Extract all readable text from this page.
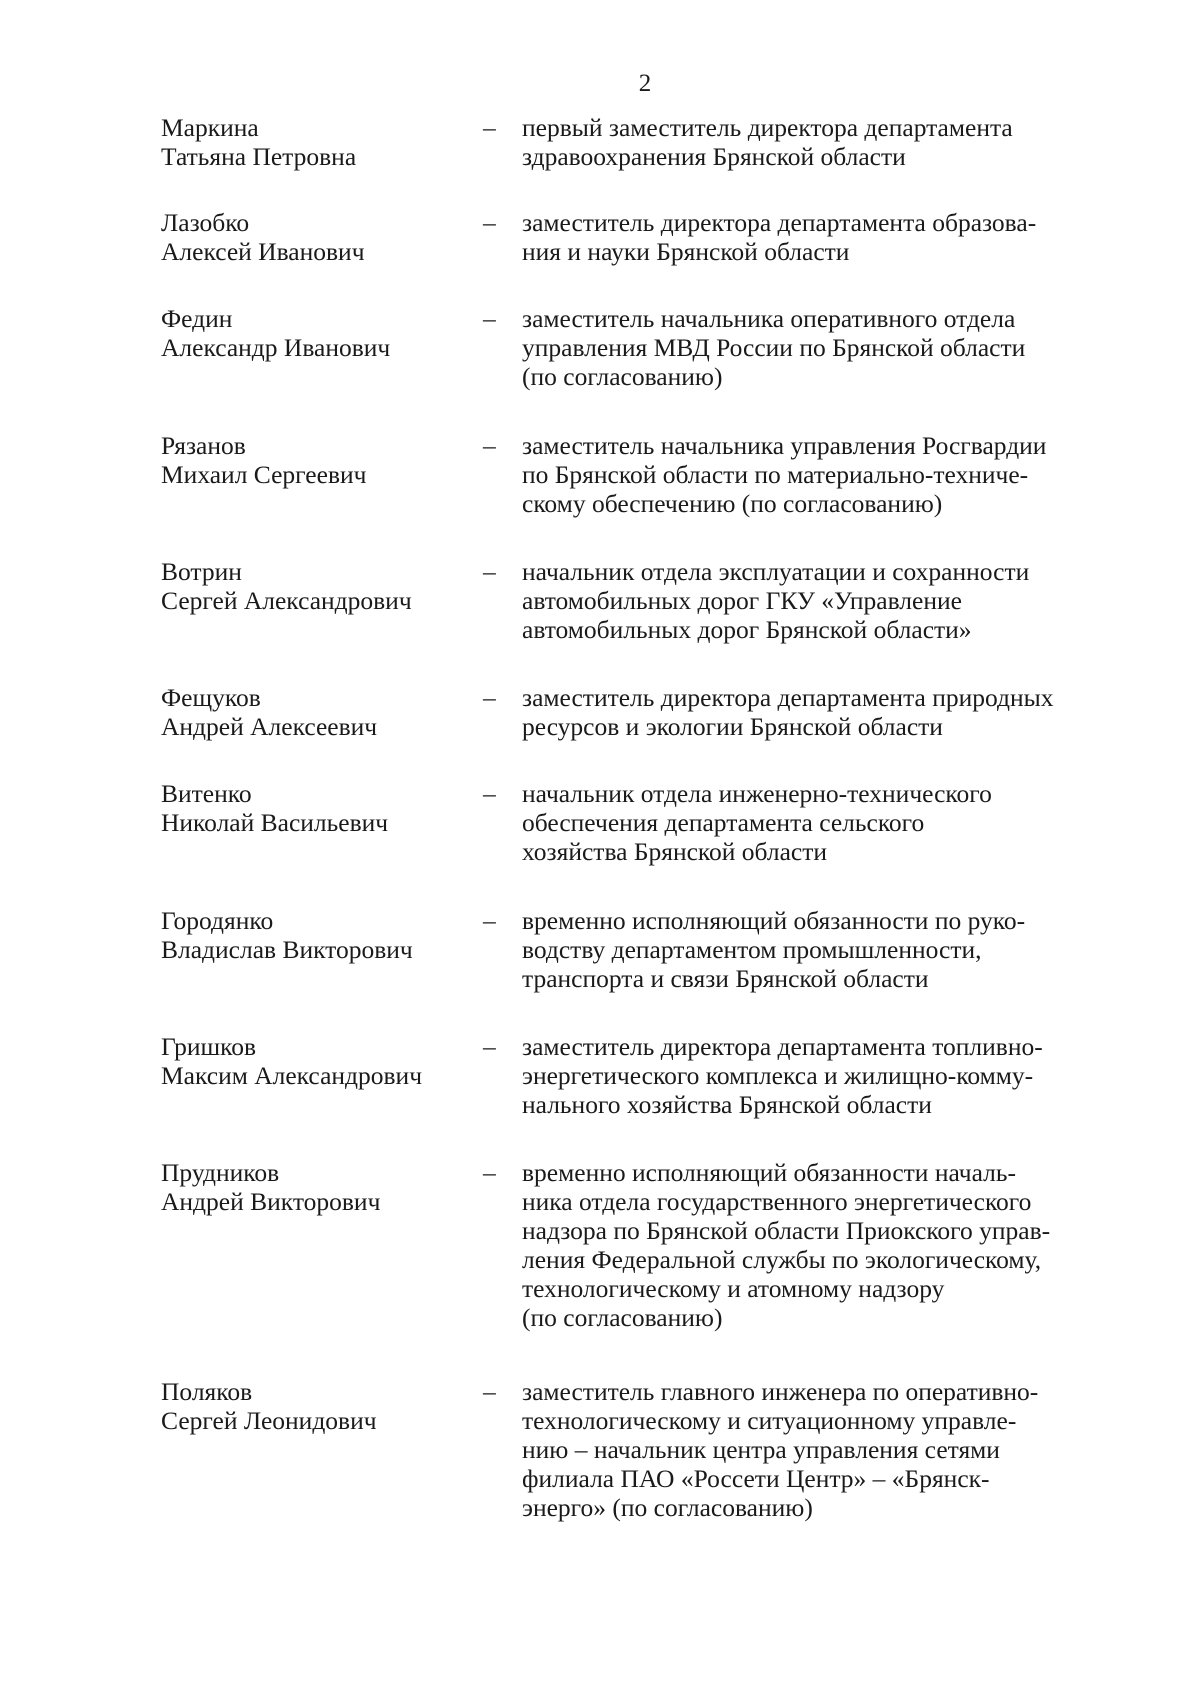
2
Маркина
Татьяна Петровна
– первый заместитель директора департамента
здравоохранения Брянской области
Лазобко
Алексей Иванович
– заместитель директора департамента образова-
ния и науки Брянской области
Федин
Александр Иванович
– заместитель начальника оперативного отдела
управления МВД России по Брянской области
(по согласованию)
Рязанов
Михаил Сергеевич
– заместитель начальника управления Росгвардии
по Брянской области по материально-техниче-
скому обеспечению (по согласованию)
Вотрин
Сергей Александрович
– начальник отдела эксплуатации и сохранности
автомобильных дорог ГКУ «Управление
автомобильных дорог Брянской области»
Фещуков
Андрей Алексеевич
– заместитель директора департамента природных
ресурсов и экологии Брянской области
Витенко
Николай Васильевич
– начальник отдела инженерно-технического
обеспечения департамента сельского
хозяйства Брянской области
Городянко
Владислав Викторович
– временно исполняющий обязанности по руко-
водству департаментом промышленности,
транспорта и связи Брянской области
Гришков
Максим Александрович
– заместитель директора департамента топливно-
энергетического комплекса и жилищно-комму-
нального хозяйства Брянской области
Прудников
Андрей Викторович
– временно исполняющий обязанности началь-
ника отдела государственного энергетического
надзора по Брянской области Приокского управ-
ления Федеральной службы по экологическому,
технологическому и атомному надзору
(по согласованию)
Поляков
Сергей Леонидович
– заместитель главного инженера по оперативно-
технологическому и ситуационному управле-
нию – начальник центра управления сетями
филиала ПАО «Россети Центр» – «Брянск-
энерго» (по согласованию)
